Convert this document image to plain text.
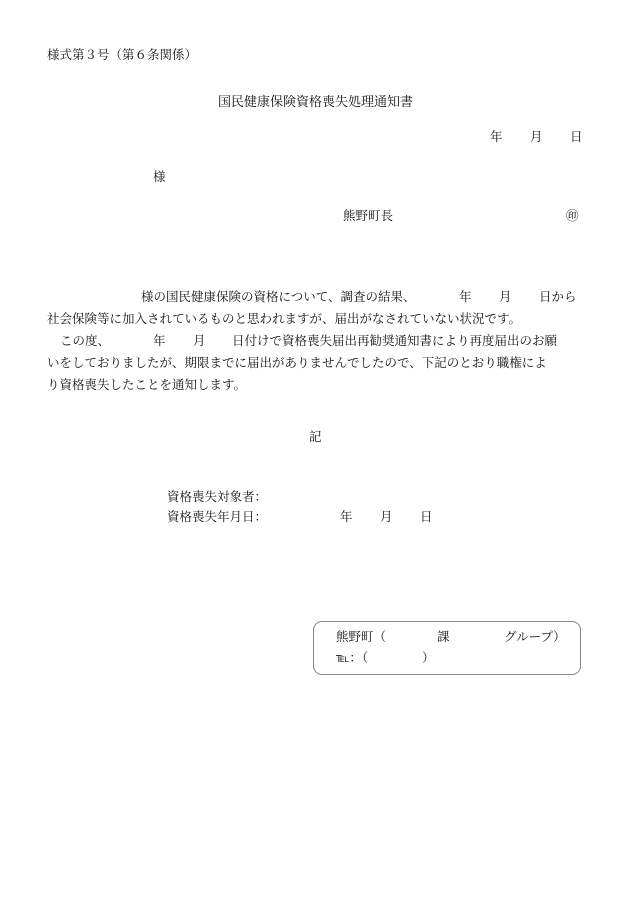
様式第３号（第６条関係）
国民健康保険資格喪失処理通知書
年 月 日
様
熊野町長	㊞
様の国民健康保険の資格について、調査の結果、	年 月 日から
社会保険等に加入されているものと思われますが、届出がなされていない状況です。
この度、	年 月 日付けで資格喪失届出再勧奨通知書により再度届出のお願
いをしておりましたが、期限までに届出がありませんでしたので、下記のとおり職権によ
り資格喪失したことを通知します。
記
資格喪失対象者：
資格喪失年月日：	年 月 日
熊野町（	課	グループ）
℡：（	）
